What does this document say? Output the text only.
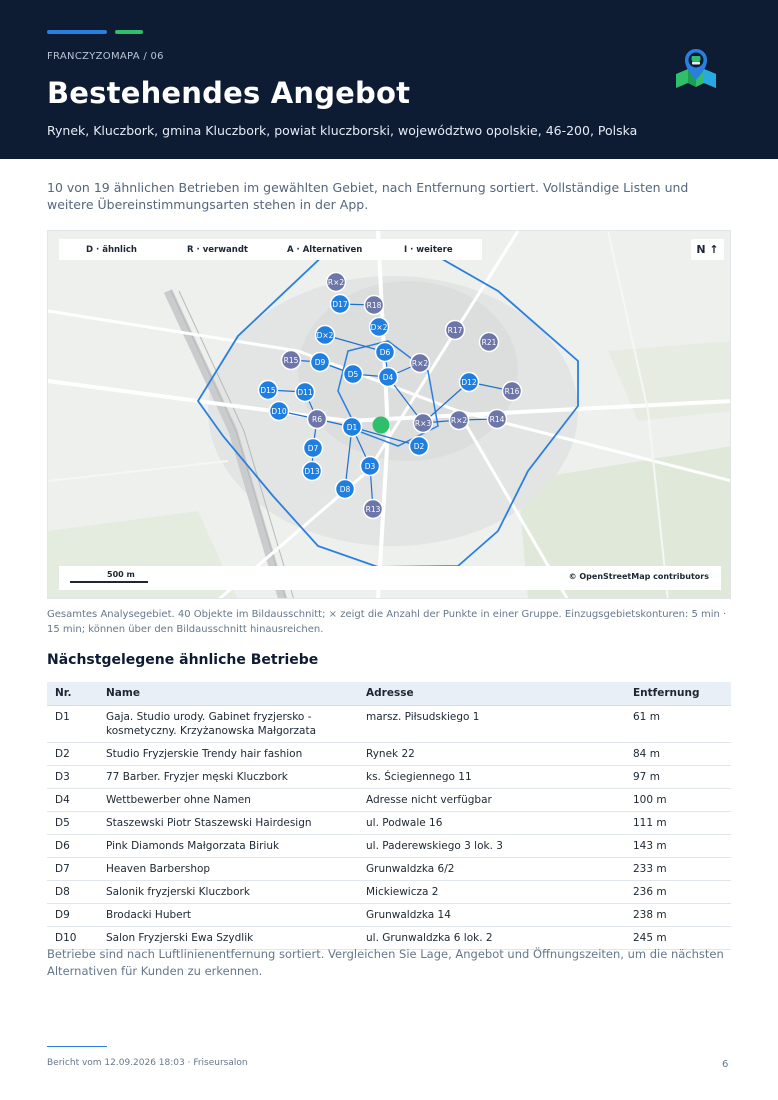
FRANCZYZOMAPA / 06
Bestehendes Angebot
Rynek, Kluczbork, gmina Kluczbork, powiat kluczborski, województwo opolskie, 46-200, Polska
10 von 19 ähnlichen Betrieben im gewählten Gebiet, nach Entfernung sortiert. Vollständige Listen und weitere Übereinstimmungsarten stehen in der App.
R×2
D17	R18
D×2	R17
D×2
R21
D6
R15 D9	R×2
D5	D4
D12
D15	D11	R16
D10
R6	R×3	R×2	R14
D1
D2
D7
D3
D13
D8
R13
D · ähnlich	R · verwandt	A · Alternativen	I · weitere	N ↑
500 m	© OpenStreetMap contributors
Gesamtes Analysegebiet. 40 Objekte im Bildausschnitt; × zeigt die Anzahl der Punkte in einer Gruppe. Einzugsgebietskonturen: 5 min · 15 min; können über den Bildausschnitt hinausreichen.
Nächstgelegene ähnliche Betriebe
Nr.	Name	Adresse	Entfernung
D1	Gaja. Studio urody. Gabinet fryzjersko - kosmetyczny. Krzyżanowska Małgorzata	marsz. Piłsudskiego 1	61 m
D2	Studio Fryzjerskie Trendy hair fashion	Rynek 22	84 m
D3	77 Barber. Fryzjer męski Kluczbork	ks. Ściegiennego 11	97 m
D4	Wettbewerber ohne Namen	Adresse nicht verfügbar	100 m
D5	Staszewski Piotr Staszewski Hairdesign	ul. Podwale 16	111 m
D6	Pink Diamonds Małgorzata Biriuk	ul. Paderewskiego 3 lok. 3	143 m
D7	Heaven Barbershop	Grunwaldzka 6/2	233 m
D8	Salonik fryzjerski Kluczbork	Mickiewicza 2	236 m
D9	Brodacki Hubert	Grunwaldzka 14	238 m
D10	Salon Fryzjerski Ewa Szydlik	ul. Grunwaldzka 6 lok. 2	245 m
Betriebe sind nach Luftlinienentfernung sortiert. Vergleichen Sie Lage, Angebot und Öffnungszeiten, um die nächsten Alternativen für Kunden zu erkennen.
Bericht vom 12.09.2026 18:03 · Friseursalon	6
